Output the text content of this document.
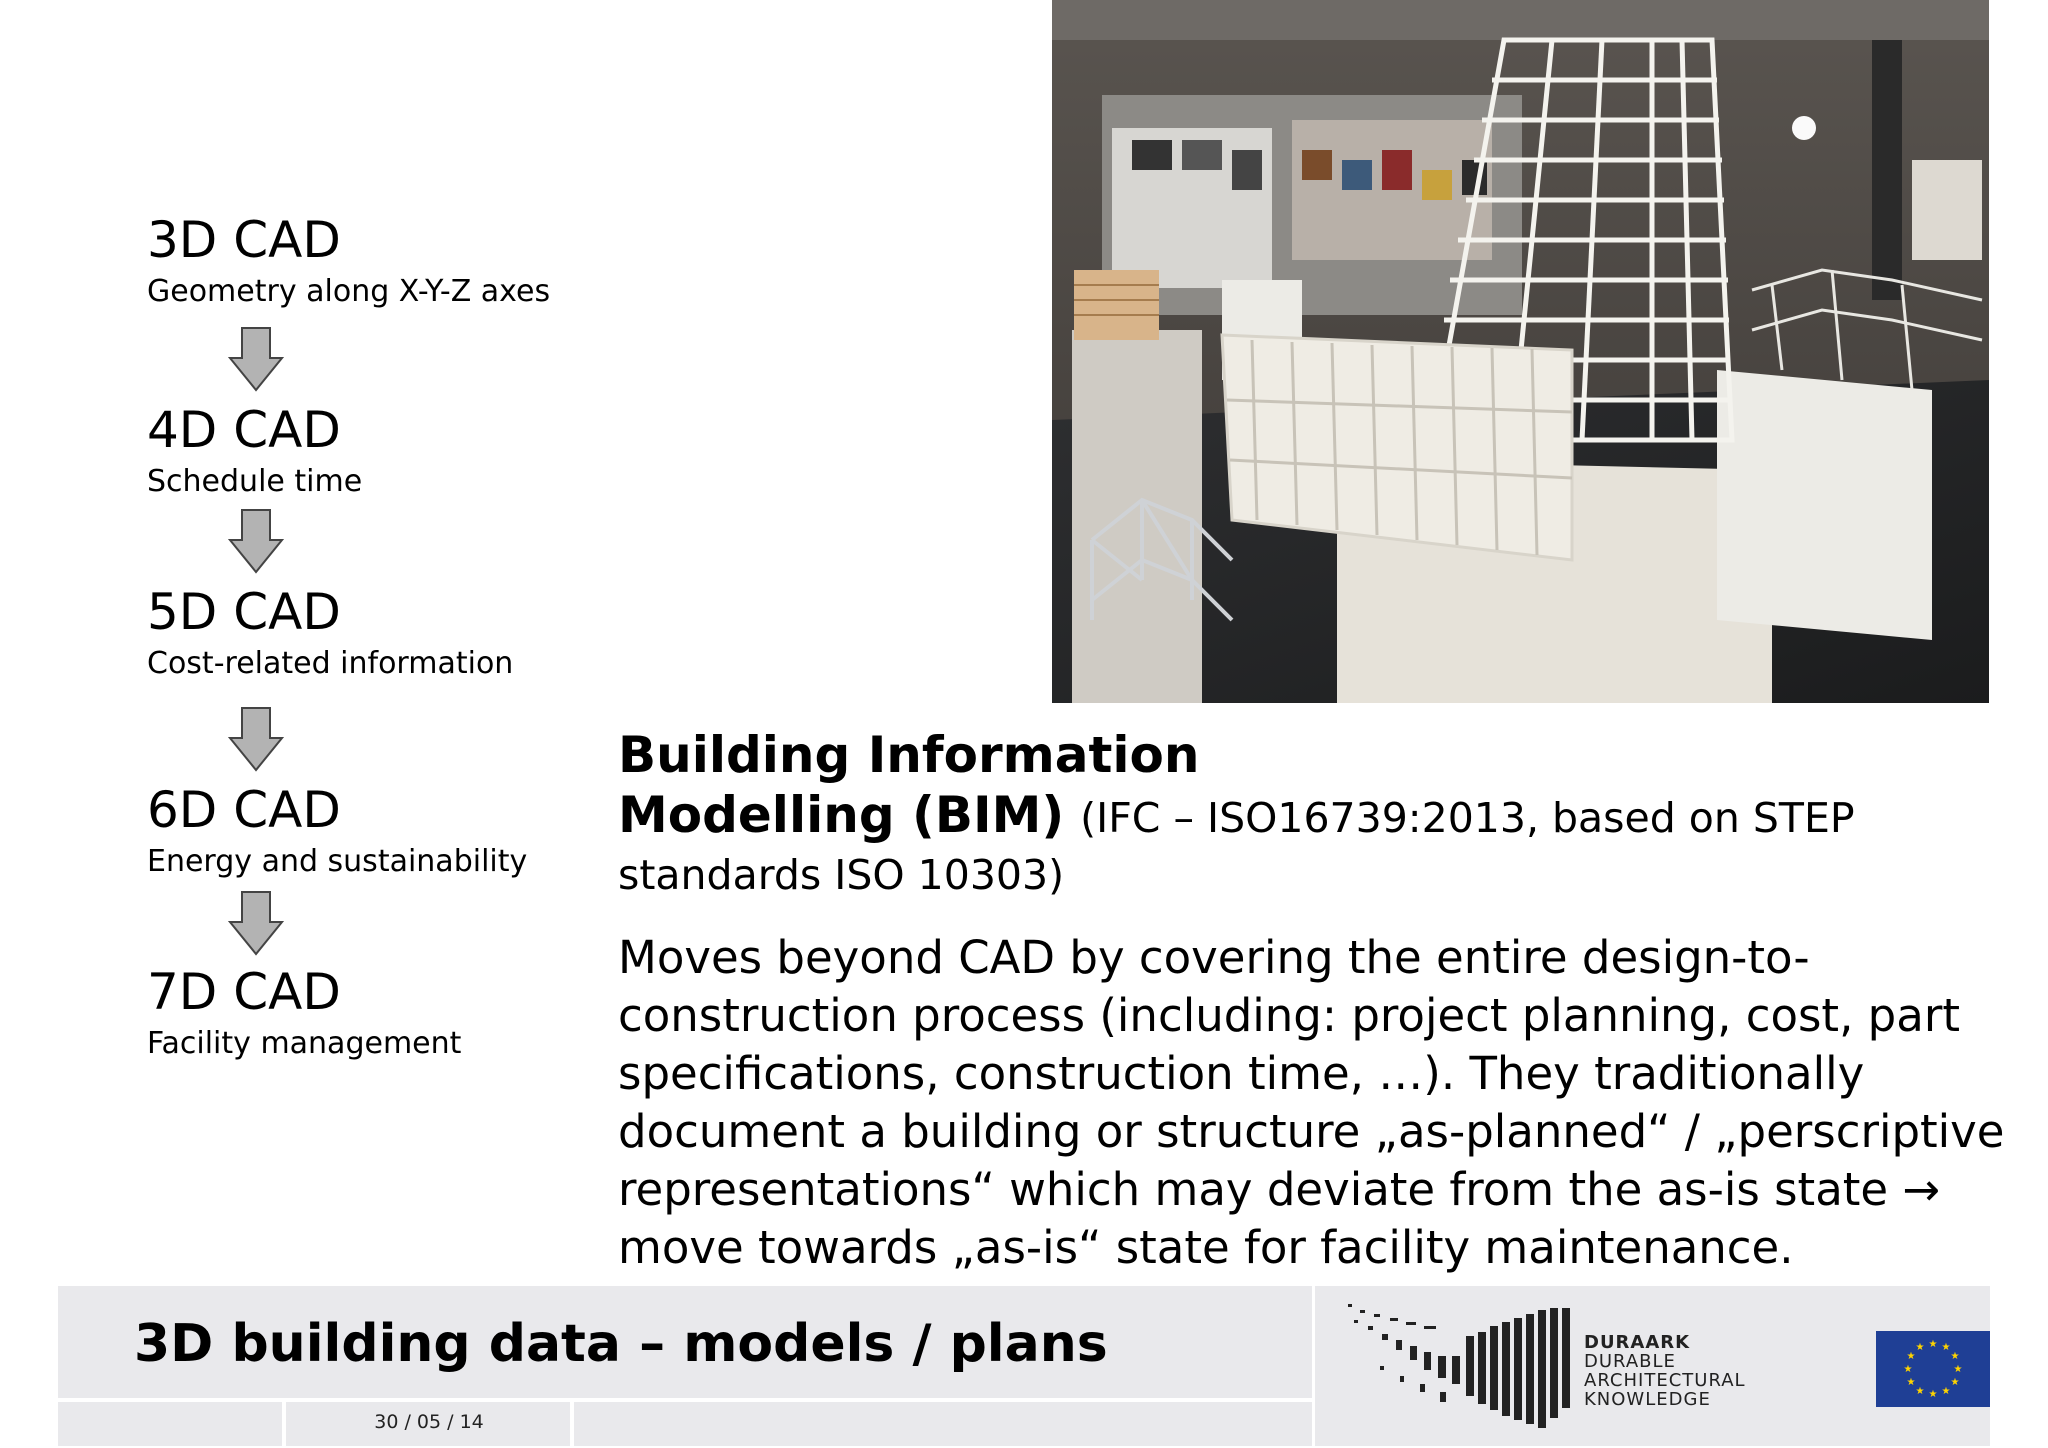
3D CAD
Geometry along X-Y-Z axes
4D CAD
Schedule time
5D CAD
Cost-related information
6D CAD
Energy and sustainability
7D CAD
Facility management
Building Information
Modelling (BIM) (IFC – ISO16739:2013, based on STEP standards ISO 10303)
Moves beyond CAD by covering the entire design-to-construction process (including: project planning, cost, part specifications, construction time, …). They traditionally document a building or structure „as-planned“ / „perscriptive representations“ which may deviate from the as-is state → move towards „as-is“ state for facility maintenance.
3D building data – models / plans
30 / 05 / 14
DURAARK
DURABLE
ARCHITECTURAL
KNOWLEDGE
★ ★
★
★
★
★
★
★
★
★
★
★
